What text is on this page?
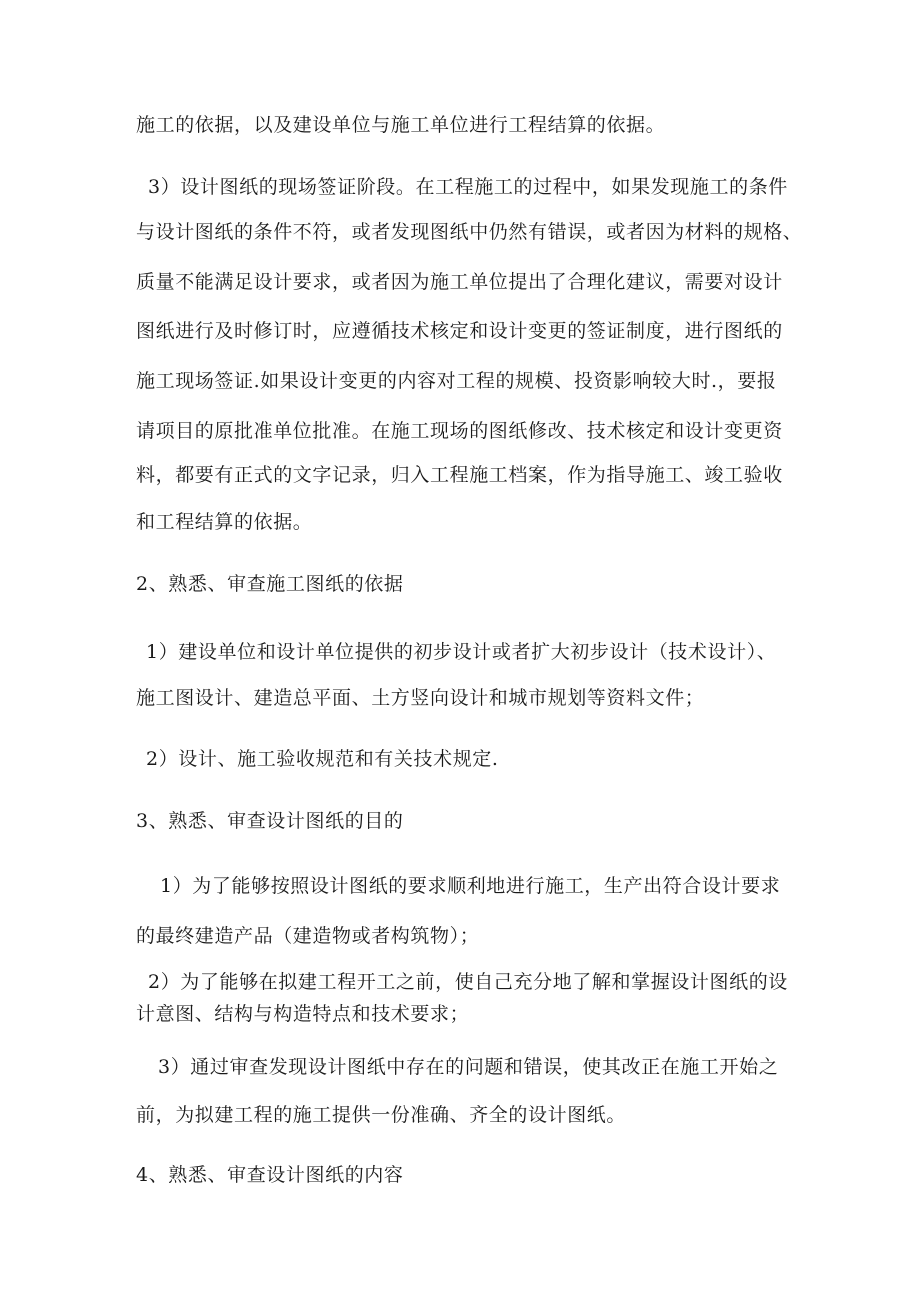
施工的依据，以及建设单位与施工单位进行工程结算的依据。
3）设计图纸的现场签证阶段。在工程施工的过程中，如果发现施工的条件
与设计图纸的条件不符，或者发现图纸中仍然有错误，或者因为材料的规格、
质量不能满足设计要求，或者因为施工单位提出了合理化建议，需要对设计
图纸进行及时修订时，应遵循技术核定和设计变更的签证制度，进行图纸的
施工现场签证.如果设计变更的内容对工程的规模、投资影响较大时.，要报
请项目的原批准单位批准。在施工现场的图纸修改、技术核定和设计变更资
料，都要有正式的文字记录，归入工程施工档案，作为指导施工、竣工验收
和工程结算的依据。
2、熟悉、审查施工图纸的依据
1）建设单位和设计单位提供的初步设计或者扩大初步设计（技术设计）、
施工图设计、建造总平面、土方竖向设计和城市规划等资料文件；
2）设计、施工验收规范和有关技术规定.
3、熟悉、审查设计图纸的目的
1）为了能够按照设计图纸的要求顺利地进行施工，生产出符合设计要求
的最终建造产品（建造物或者构筑物）；
2）为了能够在拟建工程开工之前，使自己充分地了解和掌握设计图纸的设
计意图、结构与构造特点和技术要求；
3）通过审查发现设计图纸中存在的问题和错误，使其改正在施工开始之
前，为拟建工程的施工提供一份准确、齐全的设计图纸。
4、熟悉、审查设计图纸的内容
